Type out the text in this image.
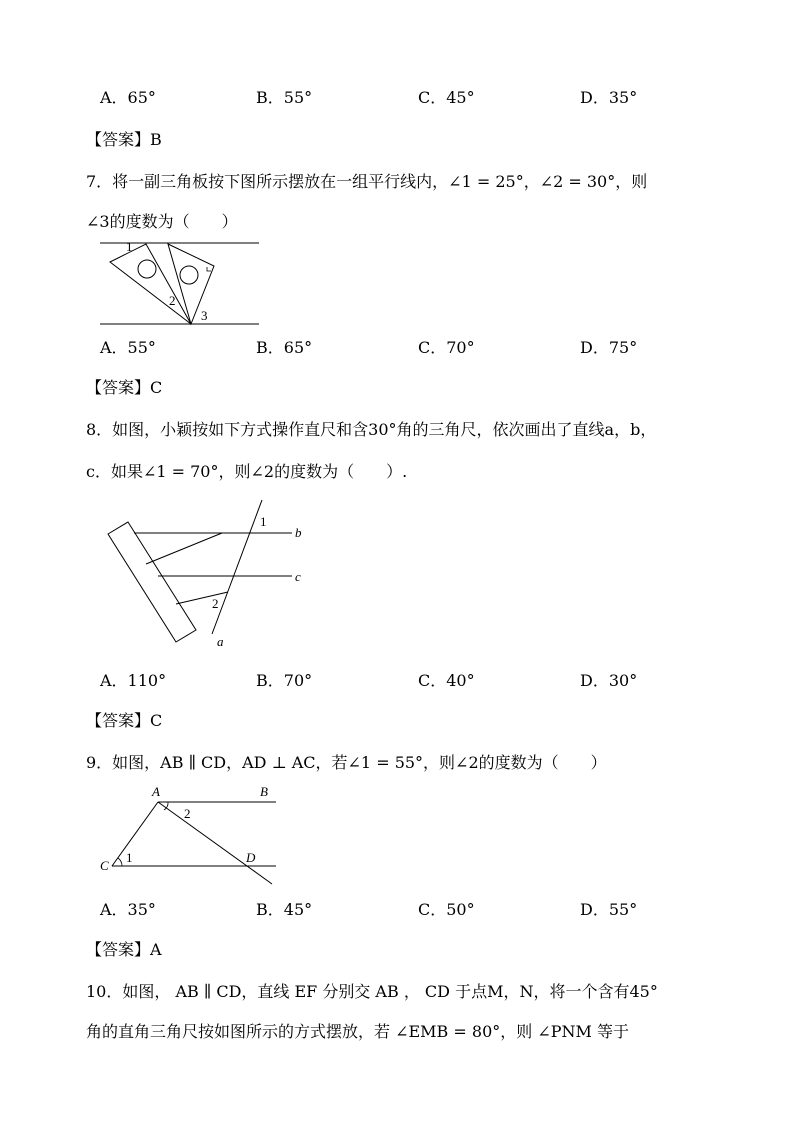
A．65°	B．55°	C．45°	D．35°
【答案】B
7．将一副三角板按下图所示摆放在一组平行线内，∠1 = 25°，∠2 = 30°，则
∠3的度数为（　　）
1
2
3
A．55°	B．65°	C．70°	D．75°
【答案】C
8．如图，小颖按如下方式操作直尺和含30°角的三角尺，依次画出了直线a，b，
c．如果∠1 = 70°，则∠2的度数为（　　）.
1
2
b
c
a
A．110°	B．70°	C．40°	D．30°
【答案】C
9．如图，AB ∥ CD，AD ⊥ AC，若∠1 = 55°，则∠2的度数为（　　）
A	B
2
C
1	D
A．35°	B．45°	C．50°	D．55°
【答案】A
10．如图， AB ∥ CD，直线 EF 分别交 AB ， CD 于点M，N，将一个含有45°
角的直角三角尺按如图所示的方式摆放，若 ∠EMB = 80°，则 ∠PNM 等于
